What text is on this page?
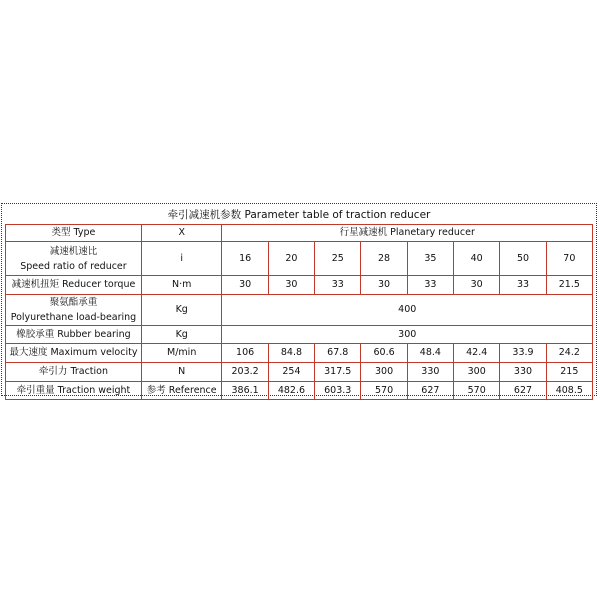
牵引减速机参数 Parameter table of traction reducer
类型 Type	X	行星减速机 Planetary reducer							

减速机速比
Speed ratio of reducer	i	16	20	25	28	35	40	50	70
减速机扭矩 Reducer torque	N·m	30	30	33	30	33	30	33	21.5

聚氨酯承重
Polyurethane load-bearing	Kg	400							
橡胶承重 Rubber bearing	Kg	300							
最大速度 Maximum velocity	M/min	106	84.8	67.8	60.6	48.4	42.4	33.9	24.2
牵引力 Traction	N	203.2	254	317.5	300	330	300	330	215
牵引重量 Traction weight	参考 Reference	386.1	482.6	603.3	570	627	570	627	408.5
